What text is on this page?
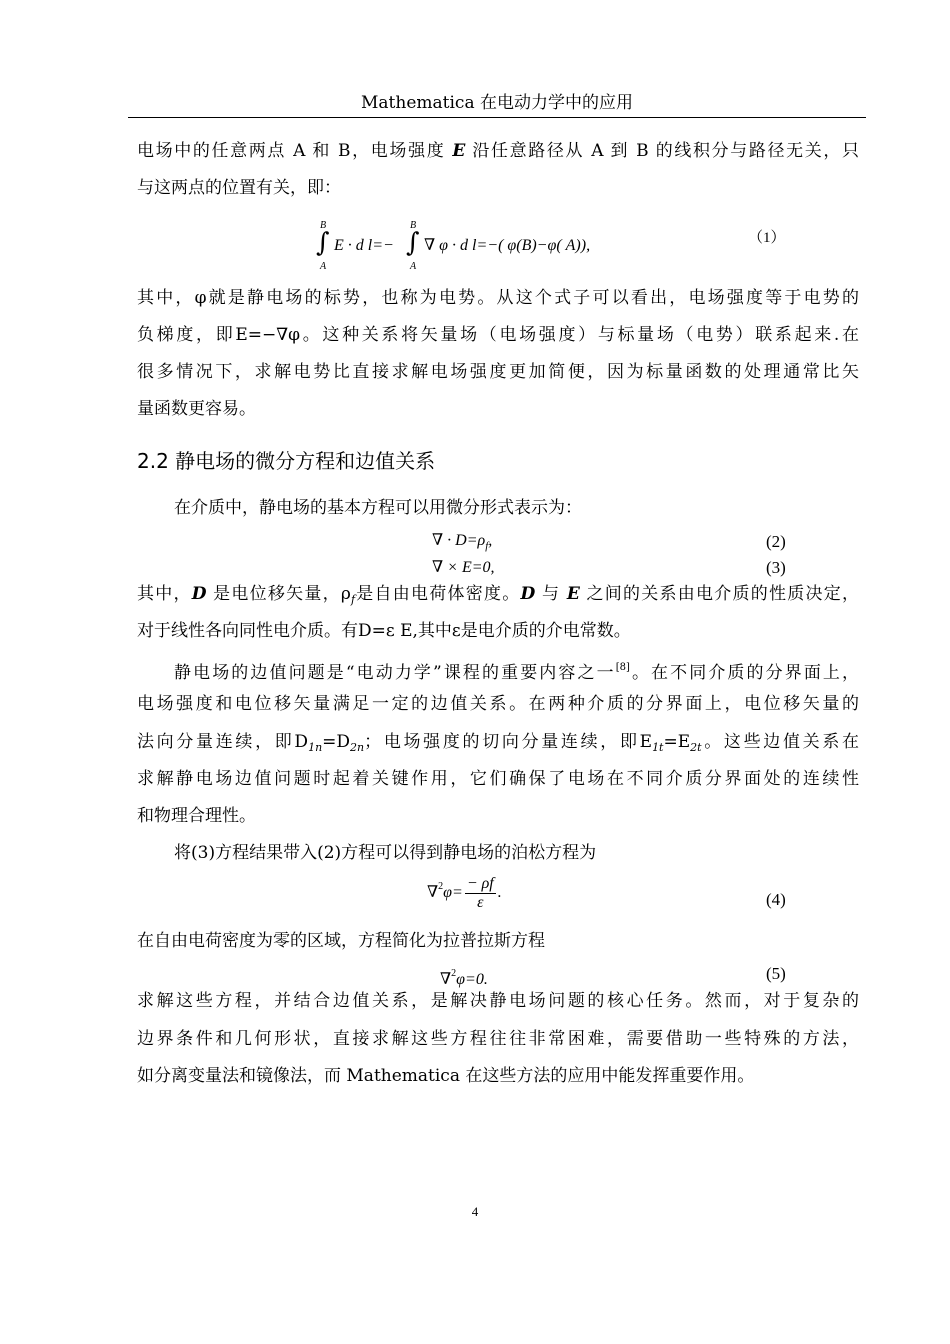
Mathematica 在电动力学中的应用
电场中的任意两点 A 和 B，电场强度 E 沿任意路径从 A 到 B 的线积分与路径无关，只
与这两点的位置有关，即：
B
∫
A
E · d l=−
B
∫
A
∇ φ · d l=−( φ(B)−φ( A)),	（1）
其中，φ就是静电场的标势，也称为电势。从这个式子可以看出，电场强度等于电势的
负梯度，即E=−∇φ。这种关系将矢量场（电场强度）与标量场（电势）联系起来.在
很多情况下，求解电势比直接求解电场强度更加简便，因为标量函数的处理通常比矢
量函数更容易。
2.2 静电场的微分方程和边值关系
在介质中，静电场的基本方程可以用微分形式表示为：
∇ · $D=\rho_f$,	(2)
∇ × E=0,	(3)
其中，D 是电位移矢量，$\rho_f$是自由电荷体密度。D 与 E 之间的关系由电介质的性质决定，
对于线性各向同性电介质。有D=ε E,其中ε是电介质的介电常数。
静电场的边值问题是“电动力学”课程的重要内容之一[8]。在不同介质的分界面上，
电场强度和电位移矢量满足一定的边值关系。在两种介质的分界面上，电位移矢量的
法向分量连续，即$D_{1n}=D_{2n}$；电场强度的切向分量连续，即$E_{1t}=E_{2t}$。这些边值关系在
求解静电场边值问题时起着关键作用，它们确保了电场在不同介质分界面处的连续性
和物理合理性。
将(3)方程结果带入(2)方程可以得到静电场的泊松方程为
$\nabla^2\varphi= \frac{- \rho f}{\varepsilon}$ .	(4)
在自由电荷密度为零的区域，方程简化为拉普拉斯方程
∇$^2$φ=0.	(5)
求解这些方程，并结合边值关系，是解决静电场问题的核心任务。然而，对于复杂的
边界条件和几何形状，直接求解这些方程往往非常困难，需要借助一些特殊的方法，
如分离变量法和镜像法，而 Mathematica 在这些方法的应用中能发挥重要作用。
4
